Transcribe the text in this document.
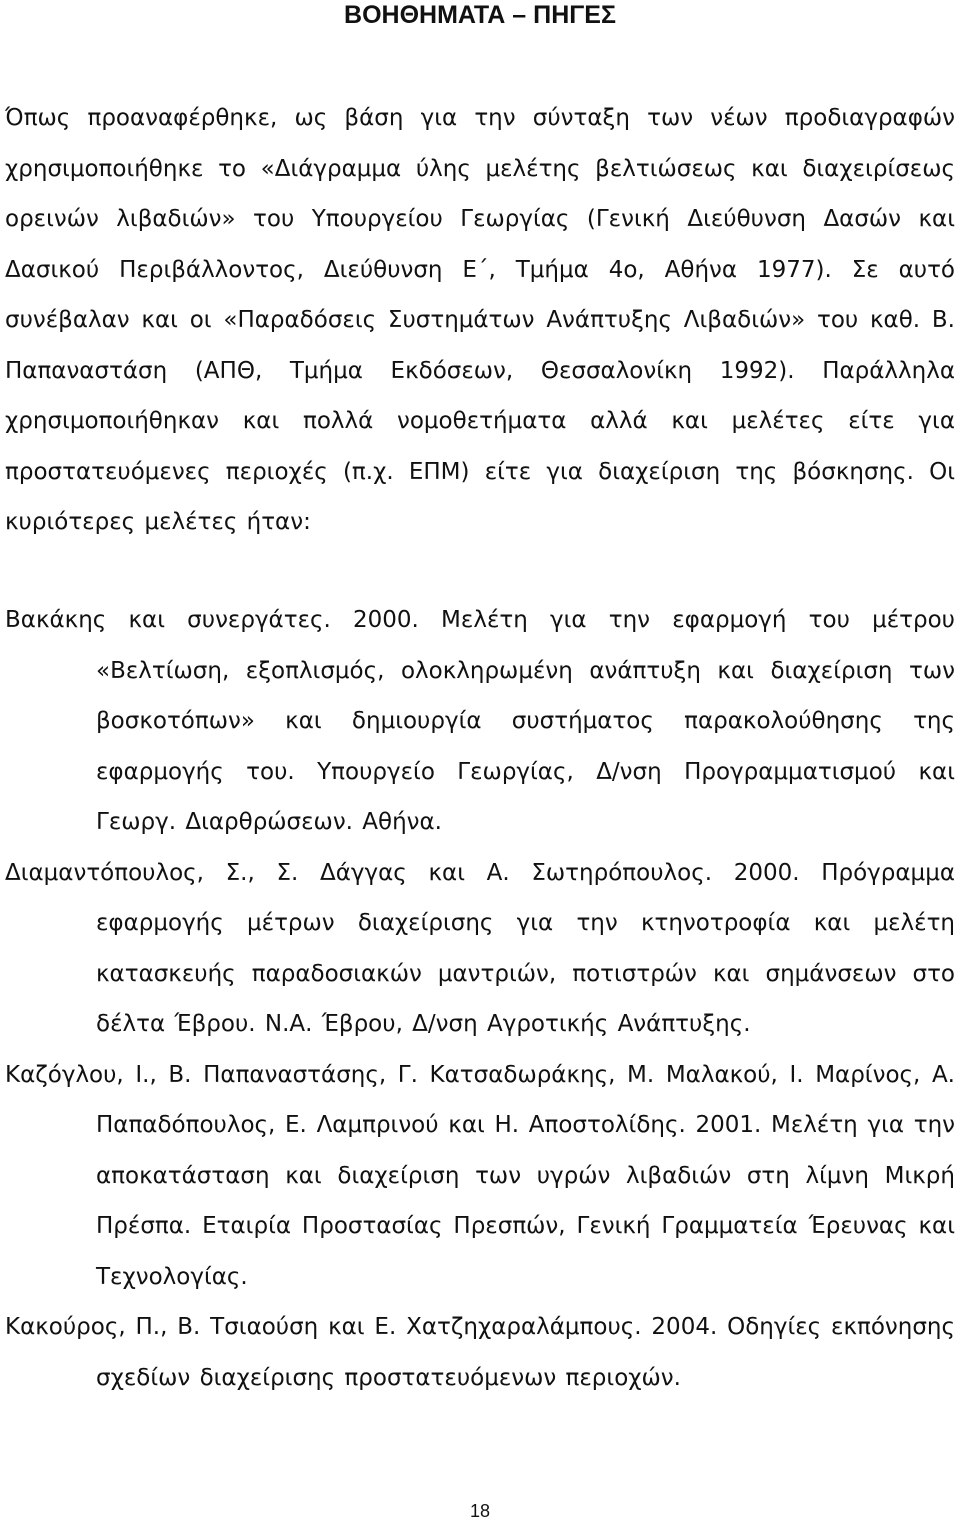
ΒΟΗΘΗΜΑΤΑ – ΠΗΓΕΣ

Όπως προαναφέρθηκε, ως βάση για την σύνταξη των νέων προδιαγραφών χρησιμοποιήθηκε το «Διάγραμμα ύλης μελέτης βελτιώσεως και διαχειρίσεως ορεινών λιβαδιών» του Υπουργείου Γεωργίας (Γενική Διεύθυνση Δασών και Δασικού Περιβάλλοντος, Διεύθυνση Ε΄, Τμήμα 4ο, Αθήνα 1977). Σε αυτό συνέβαλαν και οι «Παραδόσεις Συστημάτων Ανάπτυξης Λιβαδιών» του καθ. Β. Παπαναστάση (ΑΠΘ, Τμήμα Εκδόσεων, Θεσσαλονίκη 1992). Παράλληλα χρησιμοποιήθηκαν και πολλά νομοθετήματα αλλά και μελέτες είτε για προστατευόμενες περιοχές (π.χ. ΕΠΜ) είτε για διαχείριση της βόσκησης. Οι κυριότερες μελέτες ήταν:

Βακάκης και συνεργάτες. 2000. Μελέτη για την εφαρμογή του μέτρου «Βελτίωση, εξοπλισμός, ολοκληρωμένη ανάπτυξη και διαχείριση των βοσκοτόπων» και δημιουργία συστήματος παρακολούθησης της εφαρμογής του. Υπουργείο Γεωργίας, Δ/νση Προγραμματισμού και Γεωργ. Διαρθρώσεων. Αθήνα.

Διαμαντόπουλος, Σ., Σ. Δάγγας και Α. Σωτηρόπουλος. 2000. Πρόγραμμα εφαρμογής μέτρων διαχείρισης για την κτηνοτροφία και μελέτη κατασκευής παραδοσιακών μαντριών, ποτιστρών και σημάνσεων στο δέλτα Έβρου. Ν.Α. Έβρου, Δ/νση Αγροτικής Ανάπτυξης.

Καζόγλου, Ι., Β. Παπαναστάσης, Γ. Κατσαδωράκης, Μ. Μαλακού, Ι. Μαρίνος, Α. Παπαδόπουλος, Ε. Λαμπρινού και Η. Αποστολίδης. 2001. Μελέτη για την αποκατάσταση και διαχείριση των υγρών λιβαδιών στη λίμνη Μικρή Πρέσπα. Εταιρία Προστασίας Πρεσπών, Γενική Γραμματεία Έρευνας και Τεχνολογίας.

Κακούρος, Π., Β. Τσιαούση και Ε. Χατζηχαραλάμπους. 2004. Οδηγίες εκπόνησης σχεδίων διαχείρισης προστατευόμενων περιοχών.

18
